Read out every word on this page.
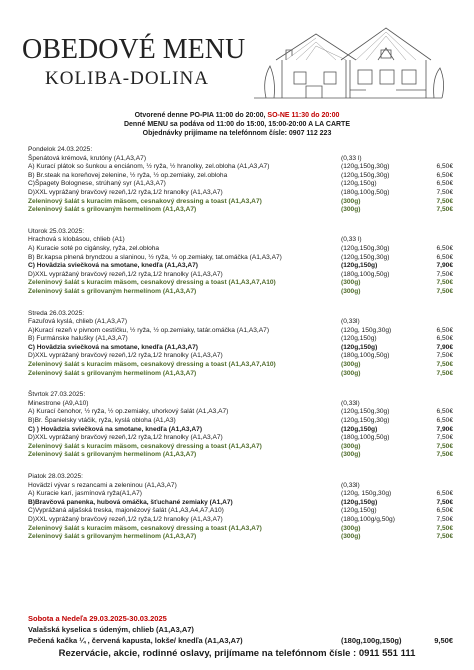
OBEDOVÉ MENU
KOLIBA-DOLINA
Otvorené denne PO-PIA 11:00 do 20:00, SO-NE 11:30 do 20:00
Denné MENU sa podáva od 11:00 do 15:00, 15:00-20:00 A LA CARTE
Objednávky prijímame na telefónnom čísle: 0907 112 223
Pondelok 24.03.2025:
Špenátová krémová, krutóny (A1,A3,A7)	(0,33 l)
A) Kurací plátok so šunkou a enciánom, ½ ryža, ½ hranolky, zel.obloha (A1,A3,A7)	(120g,150g,30g)	6,50€
B) Br.steak na koreňovej zelenine, ½ ryža, ½ op.zemiaky, zel.obloha	(120g,150g,30g)	6,50€
C)Špagety Bolognese, strúhaný syr (A1,A3,A7)	(120g,150g)	6,50€
D)XXL vyprážaný bravčový rezeň,1/2 ryža,1/2 hranolky (A1,A3,A7)	(180g,100g,50g)	7,50€
Zeleninový šalát s kuracím mäsom, cesnakový dressing a toast (A1,A3,A7)	(300g)	7,50€
Zeleninový šalát s grilovaným hermelínom (A1,A3,A7)	(300g)	7,50€
Utorok 25.03.2025:
Hrachová s klobásou, chlieb (A1)	(0,33 l)
A) Kuracie soté po cigánsky, ryža, zel.obloha	(120g,150g,30g)	6,50€
B) Br.kapsa plnená bryndzou a slaninou, ½ ryža, ½ op.zemiaky, tat.omáčka (A1,A3,A7)	(120g,150g,30g)	6,50€
C) Hovädzia sviečková na smotane, knedľa (A1,A3,A7)	(120g,150g)	7,90€
D)XXL vyprážaný bravčový rezeň,1/2 ryža,1/2 hranolky (A1,A3,A7)	(180g,100g,50g)	7,50€
Zeleninový šalát s kuracím mäsom, cesnakový dressing a toast (A1,A3,A7,A10)	(300g)	7,50€
Zeleninový šalát s grilovaným hermelínom (A1,A3,A7)	(300g)	7,50€
Streda 26.03.2025:
Fazuľová kyslá, chlieb (A1,A3,A7)	(0,33l)
A)Kurací rezeň v pivnom cestíčku, ½ ryža, ½ op.zemiaky, tatár.omáčka (A1,A3,A7)	(120g, 150g,30g)	6,50€
B) Furmánske halušky (A1,A3,A7)	(120g,150g)	6,50€
C) Hovädzia sviečková na smotane, knedľa (A1,A3,A7)	(120g,150g)	7,90€
D)XXL vyprážaný bravčový rezeň,1/2 ryža,1/2 hranolky (A1,A3,A7)	(180g,100g,50g)	7,50€
Zeleninový šalát s kuracím mäsom, cesnakový dressing a toast (A1,A3,A7,A10)	(300g)	7,50€
Zeleninový šalát s grilovaným hermelínom (A1,A3,A7)	(300g)	7,50€
Štvrtok 27.03.2025:
Minestrone (A9,A10)	(0,33l)
A) Kurací čenohor, ½ ryža, ½ op.zemiaky, uhorkový šalát (A1,A3,A7)	(120g,150g,30g)	6,50€
B)Br. Španielsky vtáčik, ryža, kyslá obloha (A1,A3)	(120g,150g,30g)	6,50€
C) ) Hovädzia sviečková na smotane, knedľa (A1,A3,A7)	(120g,150g)	7,90€
D)XXL vyprážaný bravčový rezeň,1/2 ryža,1/2 hranolky (A1,A3,A7)	(180g,100g,50g)	7,50€
Zeleninový šalát s kuracím mäsom, cesnakový dressing a toast (A1,A3,A7)	(300g)	7,50€
Zeleninový šalát s grilovaným hermelínom (A1,A3,A7)	(300g)	7,50€
Piatok 28.03.2025:
Hovädzí vývar s rezancami a zeleninou (A1,A3,A7)	(0,33l)
A) Kuracie karí, jasmínová ryža(A1,A7)	(120g, 150g,30g)	6,50€
B)Bravčová panenka, hubová omáčka, šťuchané zemiaky (A1,A7)	(120g,150g)	7,50€
C)Vyprážaná aljašská treska, majonézový šalát (A1,A3,A4,A7,A10)	(120g,150g)	6,50€
D)XXL vyprážaný bravčový rezeň,1/2 ryža,1/2 hranolky (A1,A3,A7)	(180g,100g/g,50g)	7,50€
Zeleninový šalát s kuracím mäsom, cesnakový dressing a toast (A1,A3,A7)	(300g)	7,50€
Zeleninový šalát s grilovaným hermelínom (A1,A3,A7)	(300g)	7,50€
Sobota a Nedeľa 29.03.2025-30.03.2025
Valašská kyselica s údeným, chlieb (A1,A3,A7)
Pečená kačka ¼ , červená kapusta, lokše/ knedľa (A1,A3,A7)	(180g,100g,150g)	9,50€
Rezervácie, akcie, rodinné oslavy, prijímame na telefónnom čísle : 0911 551 111
